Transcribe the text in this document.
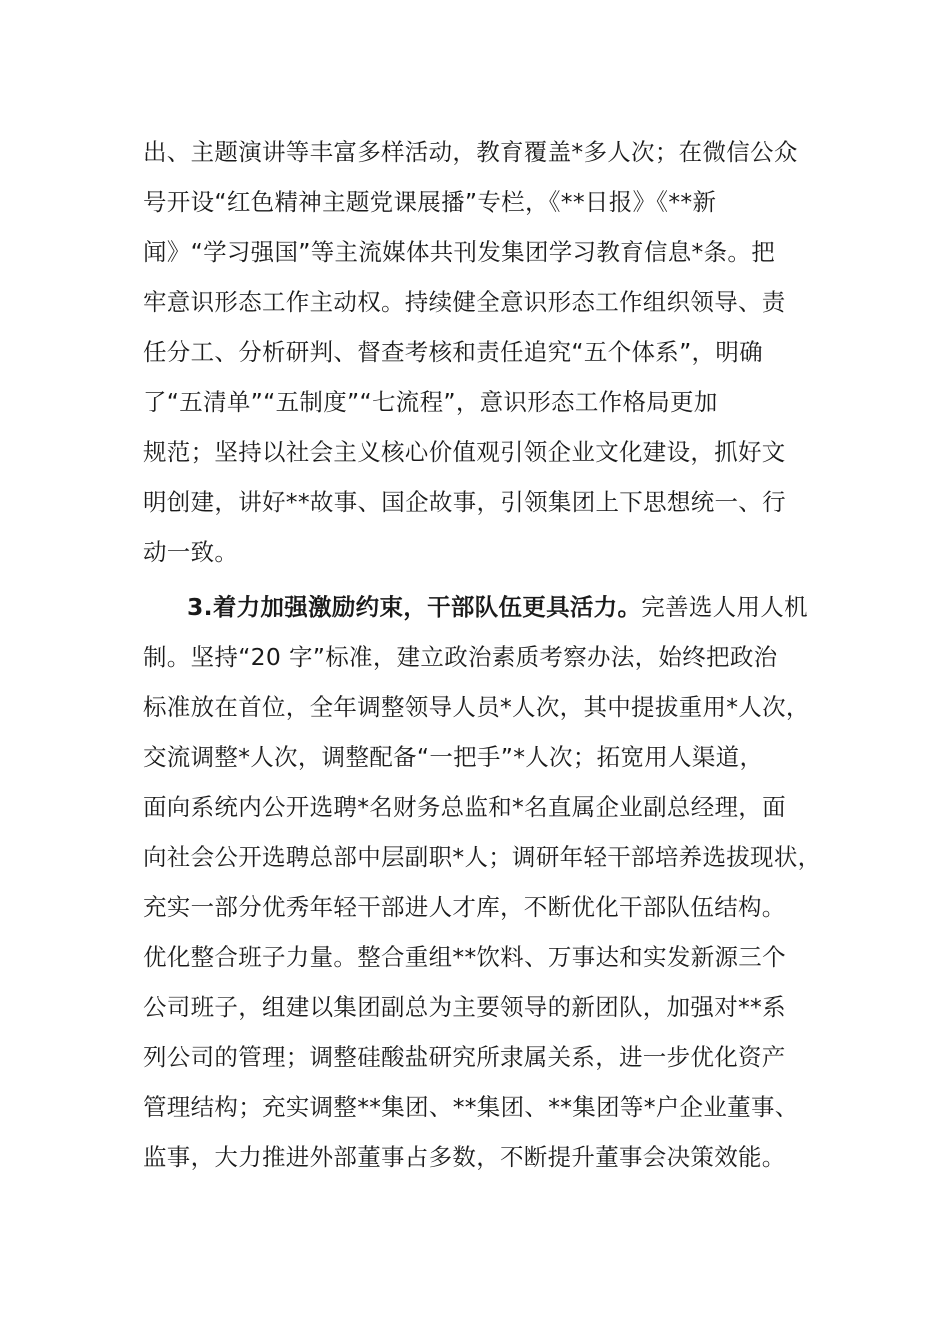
出、主题演讲等丰富多样活动，教育覆盖*多人次；在微信公众
号开设“红色精神主题党课展播”专栏，《**日报》《**新
闻》“学习强国”等主流媒体共刊发集团学习教育信息*条。把
牢意识形态工作主动权。持续健全意识形态工作组织领导、责
任分工、分析研判、督查考核和责任追究“五个体系”，明确
了“五清单”“五制度”“七流程”，意识形态工作格局更加
规范；坚持以社会主义核心价值观引领企业文化建设，抓好文
明创建，讲好**故事、国企故事，引领集团上下思想统一、行
动一致。
3.着力加强激励约束，干部队伍更具活力。完善选人用人机
制。坚持“20 字”标准，建立政治素质考察办法，始终把政治
标准放在首位，全年调整领导人员*人次，其中提拔重用*人次，
交流调整*人次，调整配备“一把手”*人次；拓宽用人渠道，
面向系统内公开选聘*名财务总监和*名直属企业副总经理，面
向社会公开选聘总部中层副职*人；调研年轻干部培养选拔现状，
充实一部分优秀年轻干部进人才库，不断优化干部队伍结构。
优化整合班子力量。整合重组**饮料、万事达和实发新源三个
公司班子，组建以集团副总为主要领导的新团队，加强对**系
列公司的管理；调整硅酸盐研究所隶属关系，进一步优化资产
管理结构；充实调整**集团、**集团、**集团等*户企业董事、
监事，大力推进外部董事占多数，不断提升董事会决策效能。
